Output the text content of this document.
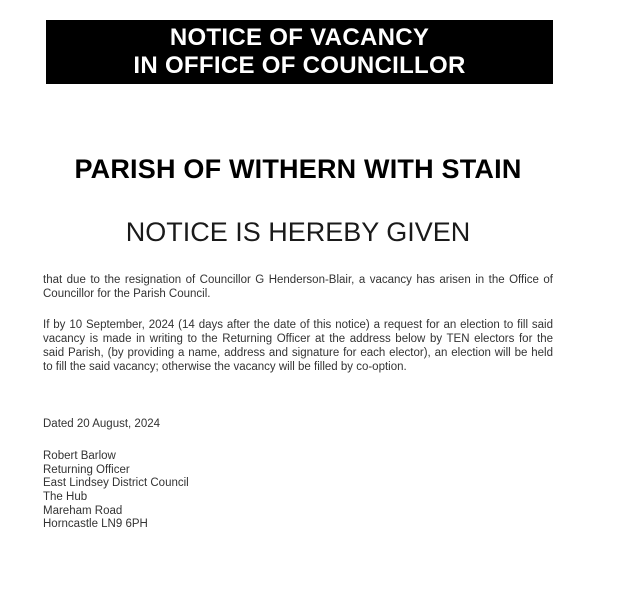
NOTICE OF VACANCY
IN OFFICE OF COUNCILLOR
PARISH OF WITHERN WITH STAIN
NOTICE IS HEREBY GIVEN

that due to the resignation of Councillor G Henderson-Blair, a vacancy has arisen in the Office of Councillor for the Parish Council.

If by 10 September, 2024 (14 days after the date of this notice) a request for an election to fill said vacancy is made in writing to the Returning Officer at the address below by TEN electors for the said Parish, (by providing a name, address and signature for each elector), an election will be held to fill the said vacancy; otherwise the vacancy will be filled by co-option.

Dated 20 August, 2024
Robert Barlow
Returning Officer
East Lindsey District Council
The Hub
Mareham Road
Horncastle LN9 6PH
